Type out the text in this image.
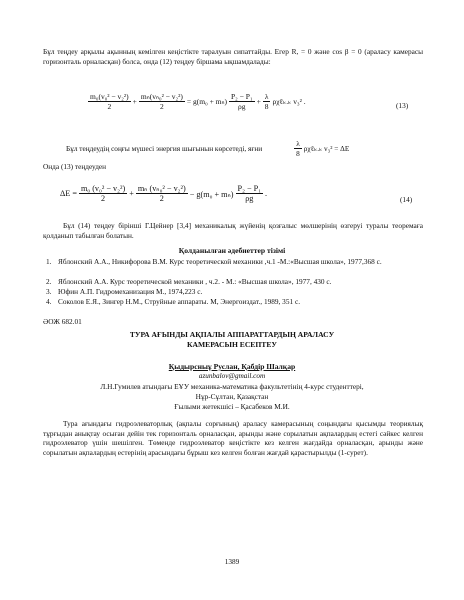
Бұл теңдеу арқылы ақынның кемілген кеңістікте таралуын сипаттайды. Егер R, = 0 және cos β = 0 (араласу камерасы горизонталь орналасқан) болса, онда (12) теңдеу біршама ықшамдалады:

$\frac{\text{m₀(v₀² − v₂²)}}{2} + \frac{\text{mₙ(vₙ₀² − v₂²)}}{2} = g(m_0 + m_n) \frac{\text{P₂ − P₁}}{\rho g} + \frac{\lambda}{8}$ ρχℓₖ.ₖ v₃² .	(13)
Бұл теңдеудің соңғы мүшесі энергия шығынын көрсетеді, яғни	$\frac{\lambda}{8}$ ρχℓₖ.ₖ v₃² = ΔE

Онда (13) теңдеуден

$\Delta E = \frac{\text{m₀ (v₀² − v₂²)}}{2} + \frac{\text{mₙ (vₙ₀² − v₂²)}}{2} - g(m_0 + m_n) \frac{\text{P₂ − P₁}}{\rho g}$ .
(14)

Бұл (14) теңдеу бірінші Г.Цейнер [3,4] механикалық жүйенің қозғалыс мөлшерінің өзгеруі туралы теоремаға қолданып табылған болатын.

Қолданылған әдебиеттер тізімі
1. Яблонский А.А., Никифорова В.М. Курс теоретической механики ,ч.1 -М.:«Высшая школа», 1977,368 с.
2. Яблонский А.А. Курс теоретической механики , ч.2. - М.: «Высшая школа», 1977, 430 с.
3. Юфин А.П. Гидромеханизация М., 1974,223 с.
4. Соколов Е.Я., Зингер Н.М., Струйные аппараты. М, Энергоиздат., 1989, 351 с.
ӘОЖ 682.01
ТУРА АҒЫНДЫ АҚПАЛЫ АППАРАТТАРДЫҢ АРАЛАСУ
КАМЕРАСЫН ЕСЕПТЕУ
Қыдырсныұ Руслан, Қабдір Шалқар
azunbalov@gmail.com
Л.Н.Гумилев атындағы ЕҰУ механика-математика факультетінің 4-курс студенттері,
Нұр-Сұлтан, Қазақстан
Ғылыми жетекшісі – Қасабеков М.И.

Тура ағындағы гидроэлеваторлық (ақпалы сорғының) араласу камерасының соңындағы қысымды теориялық тұрғыдан анықтау осыған дейін тек горизонталь орналасқан, арынды және сорылатын ақпалардың естегі сәйкес келген гидроэлеватор үшін шешілген. Төменде гидроэлеватор кеңістікте кез келген жағдайда орналасқан, арынды және сорылатын ақпалардың естерінің арасындағы бұрыш кез келген болған жағдай қарастырылды (1-сурет).

1389
